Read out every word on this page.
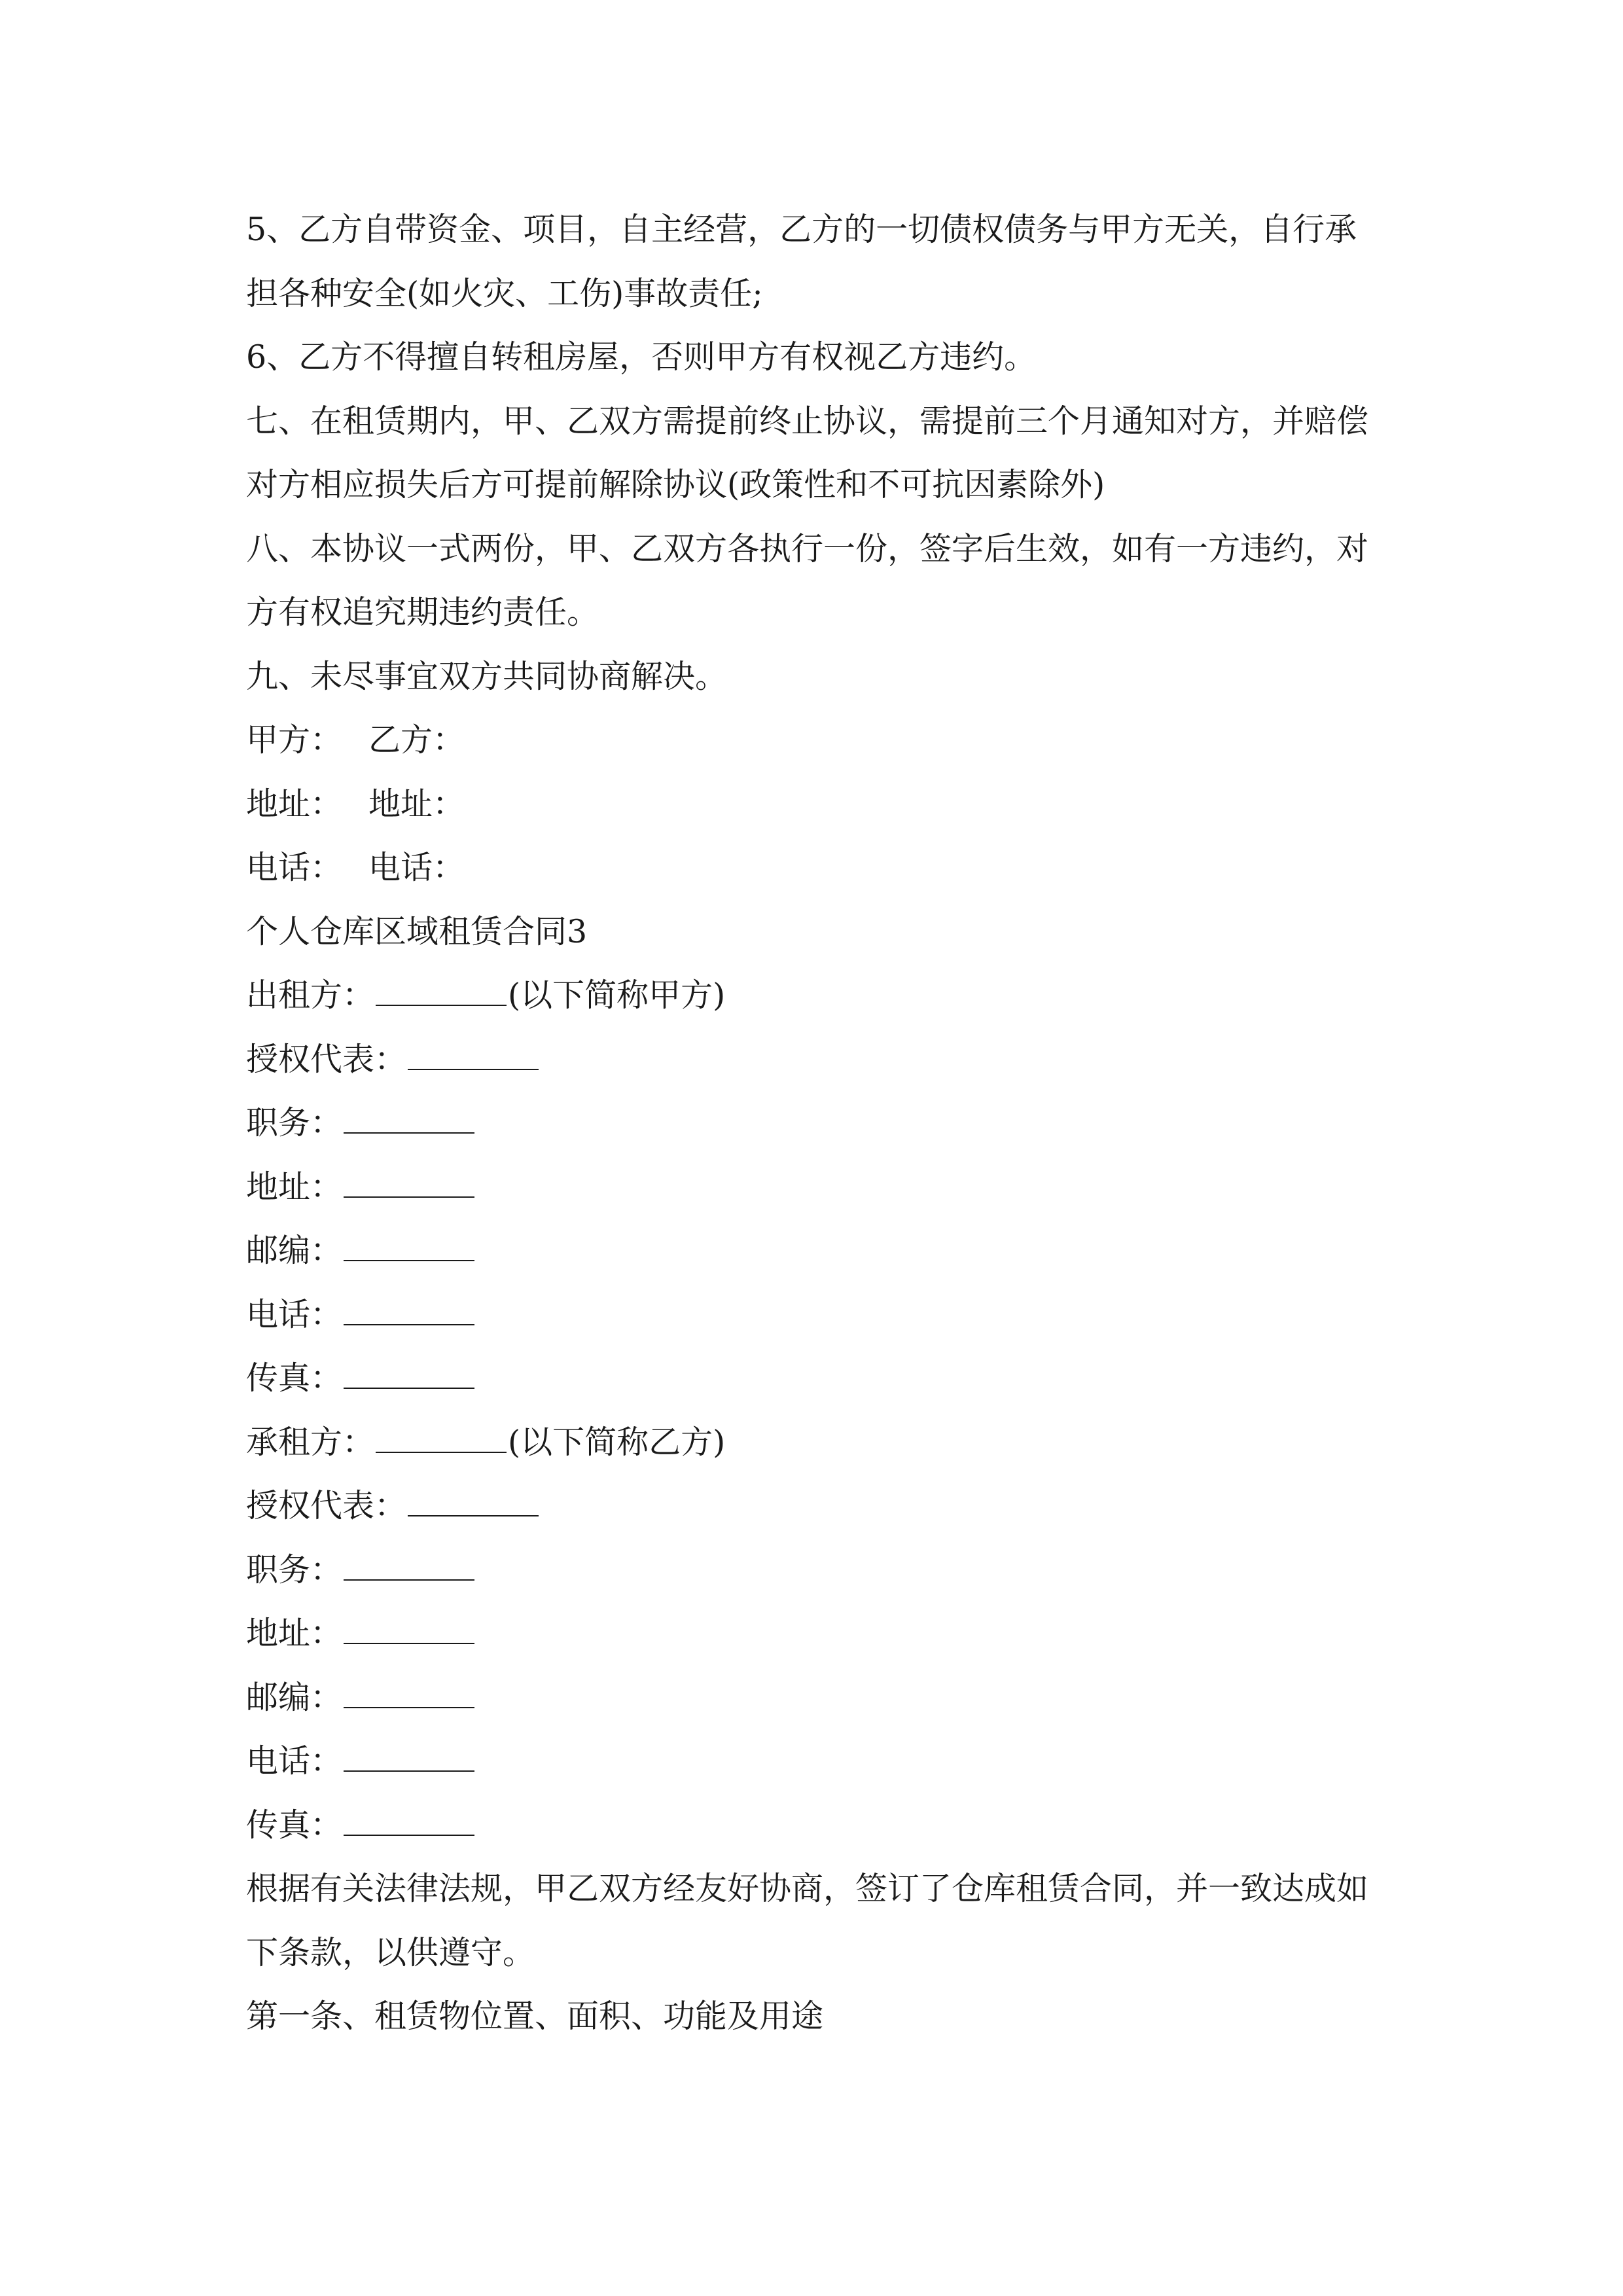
5、乙方自带资金、项目，自主经营，乙方的一切债权债务与甲方无关，自行承
担各种安全(如火灾、工伤)事故责任;
6、乙方不得擅自转租房屋，否则甲方有权视乙方违约。
七、在租赁期内，甲、乙双方需提前终止协议，需提前三个月通知对方，并赔偿
对方相应损失后方可提前解除协议(政策性和不可抗因素除外)
八、本协议一式两份，甲、乙双方各执行一份，签字后生效，如有一方违约，对
方有权追究期违约责任。
九、未尽事宜双方共同协商解决。
甲方： 乙方：
地址： 地址：
电话： 电话：
个人仓库区域租赁合同3
出租方：	(以下简称甲方)
授权代表：
职务：
地址：
邮编：
电话：
传真：
承租方：	(以下简称乙方)
授权代表：
职务：
地址：
邮编：
电话：
传真：
根据有关法律法规，甲乙双方经友好协商，签订了仓库租赁合同，并一致达成如
下条款，以供遵守。
第一条、租赁物位置、面积、功能及用途
